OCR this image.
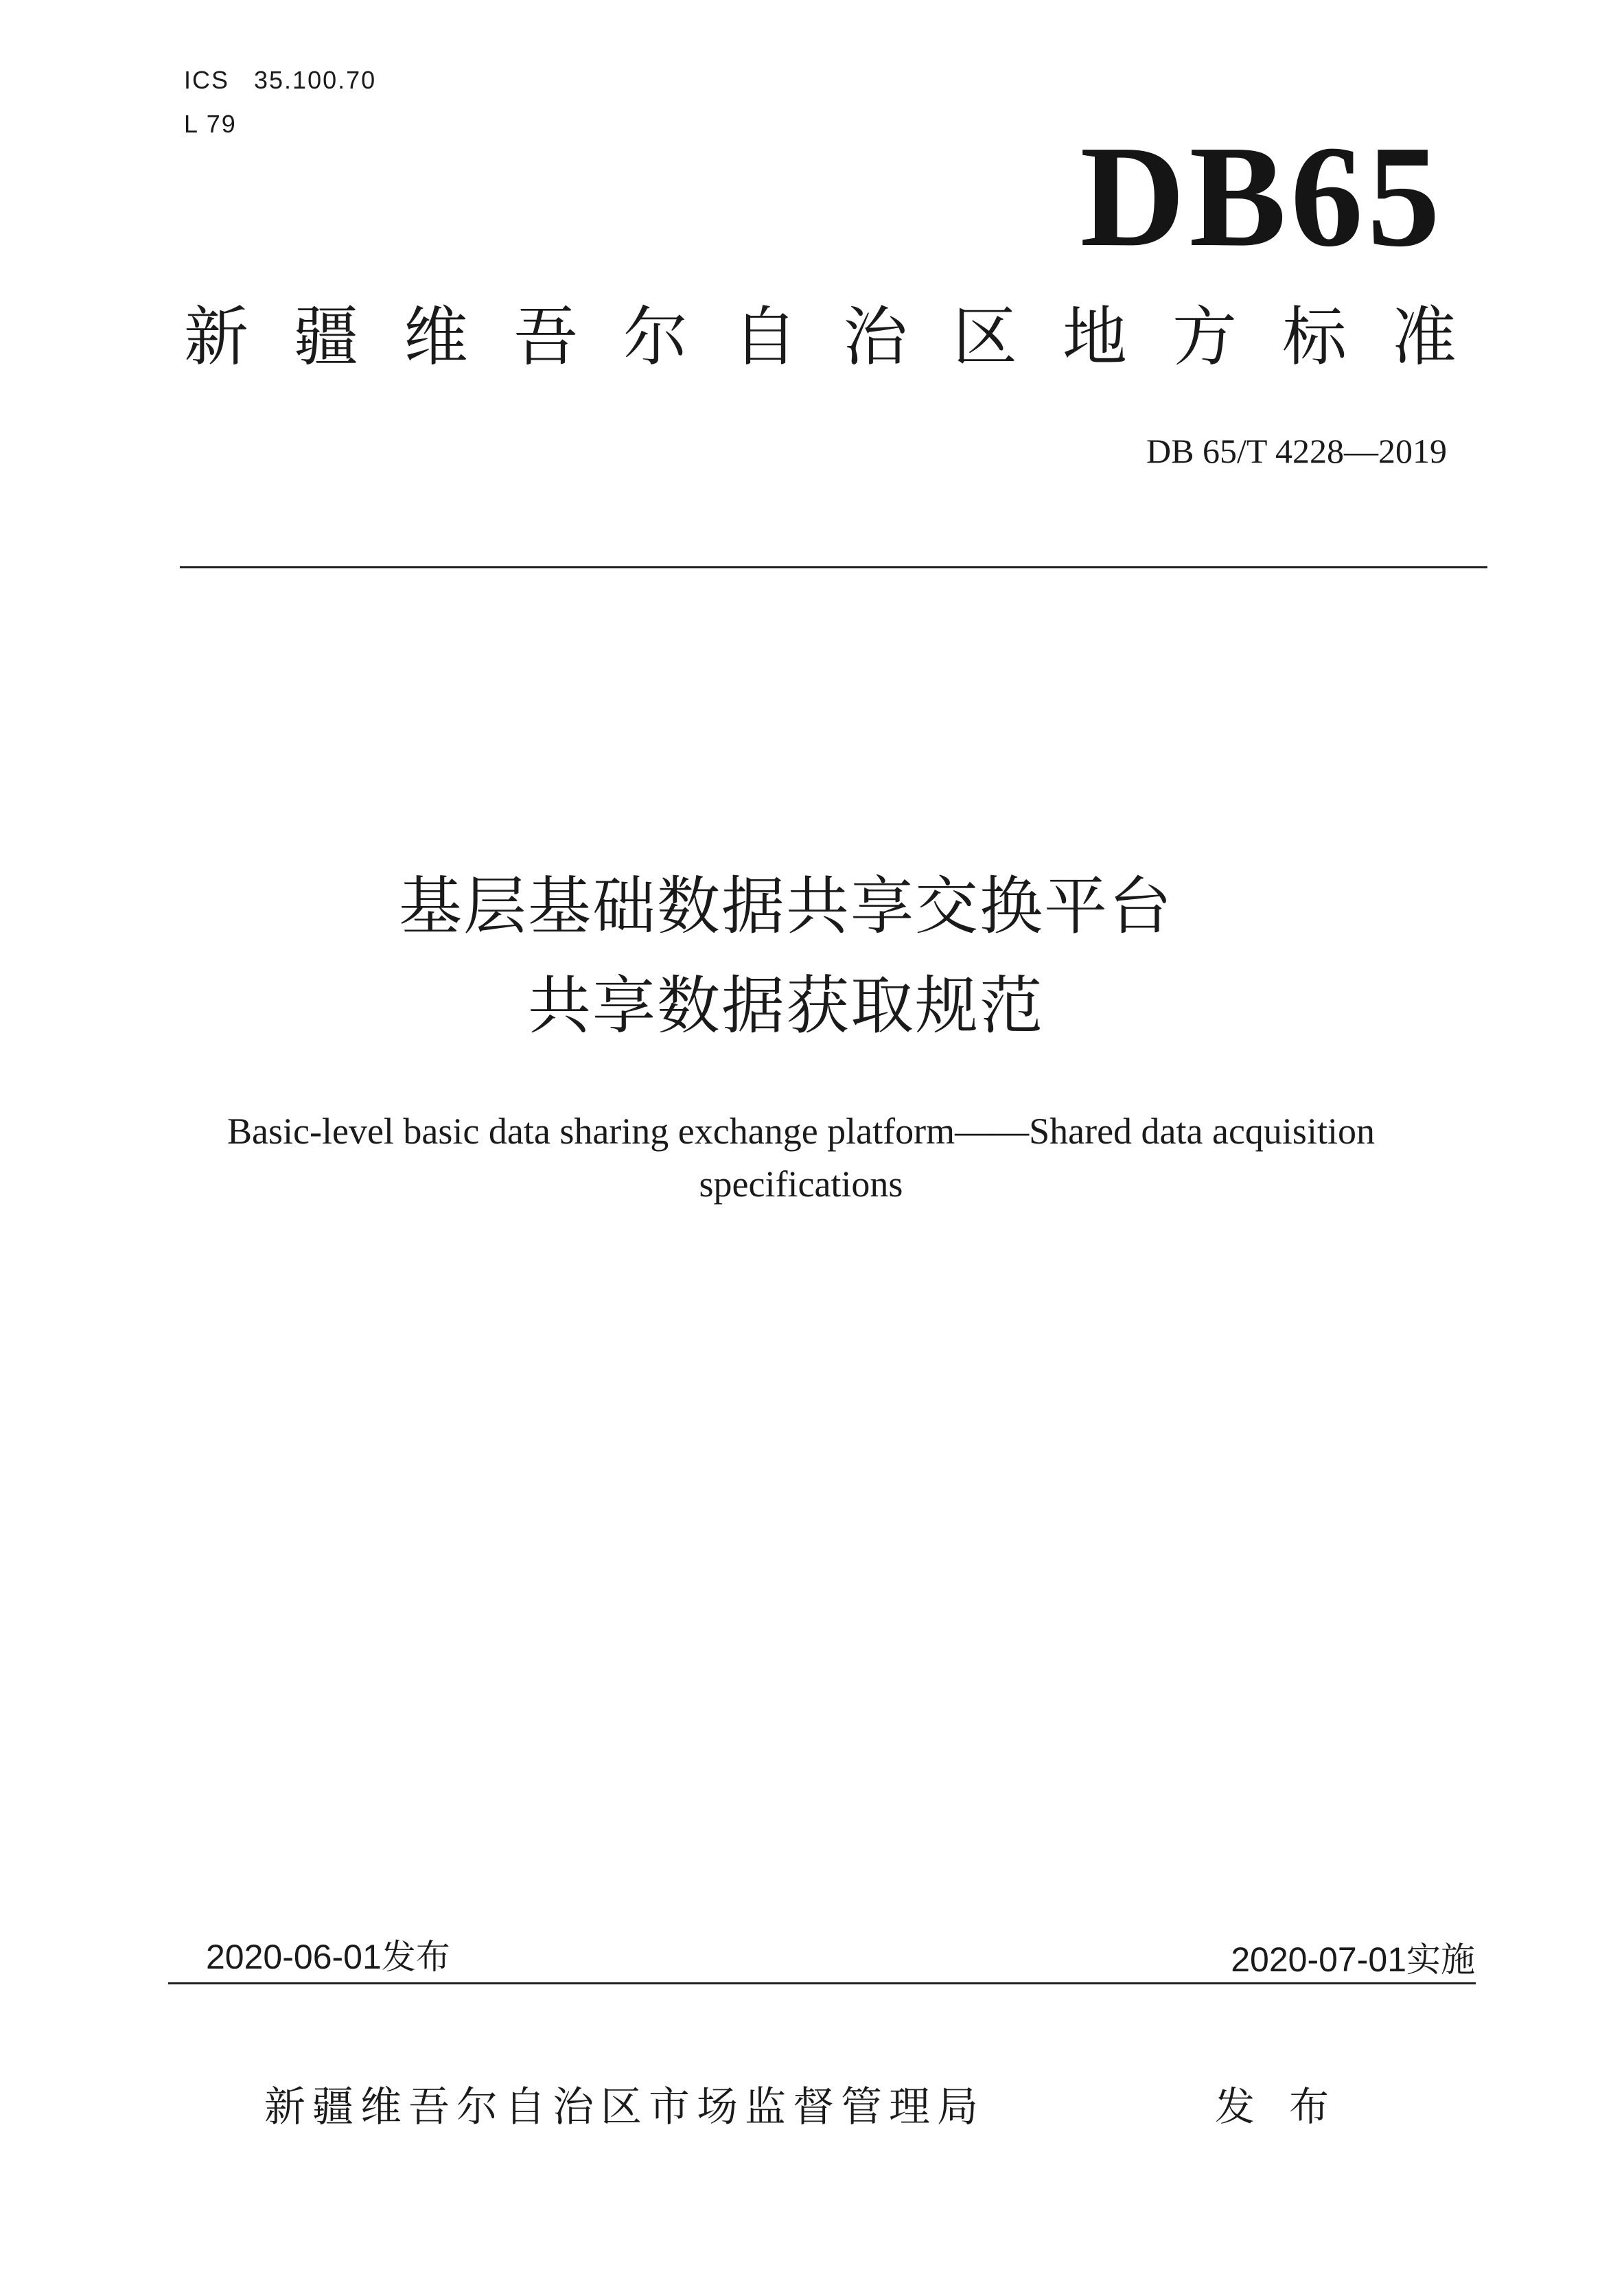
ICS 35.100.70
L 79	DB65
新疆维吾尔自治区地方标准
DB 65/T 4228—2019
基层基础数据共享交换平台
共享数据获取规范
Basic-level basic data sharing exchange platform——Shared data acquisition
specifications
2020-06-01发布	2020-07-01实施
新疆维吾尔自治区市场监督管理局	发布
